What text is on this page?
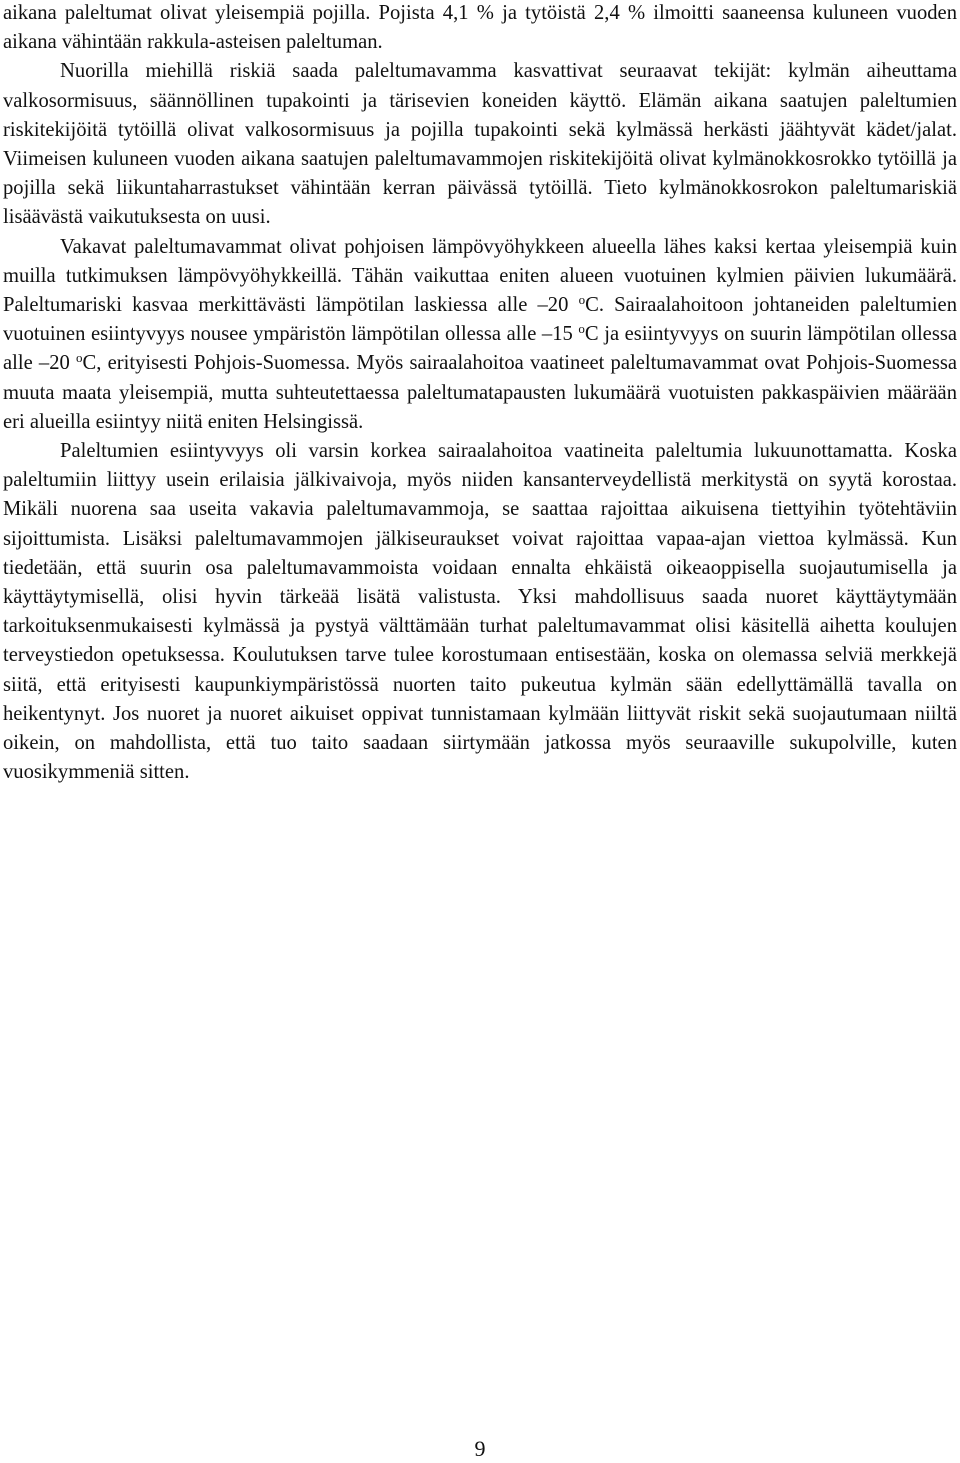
aikana paleltumat olivat yleisempiä pojilla. Pojista 4,1 % ja tytöistä 2,4 % ilmoitti saaneensa kuluneen vuoden aikana vähintään rakkula-asteisen paleltuman.

Nuorilla miehillä riskiä saada paleltumavamma kasvattivat seuraavat tekijät: kylmän aiheuttama valkosormisuus, säännöllinen tupakointi ja tärisevien koneiden käyttö. Elämän aikana saatujen paleltumien riskitekijöitä tytöillä olivat valkosormisuus ja pojilla tupakointi sekä kylmässä herkästi jäähtyvät kädet/jalat. Viimeisen kuluneen vuoden aikana saatujen paleltumavammojen riskitekijöitä olivat kylmänokkosrokko tytöillä ja pojilla sekä liikuntaharrastukset vähintään kerran päivässä tytöillä. Tieto kylmänokkosrokon paleltumariskiä lisäävästä vaikutuksesta on uusi.

Vakavat paleltumavammat olivat pohjoisen lämpövyöhykkeen alueella lähes kaksi kertaa yleisempiä kuin muilla tutkimuksen lämpövyöhykkeillä. Tähän vaikuttaa eniten alueen vuotuinen kylmien päivien lukumäärä. Paleltumariski kasvaa merkittävästi lämpötilan laskiessa alle –20 $^o$C. Sairaalahoitoon johtaneiden paleltumien vuotuinen esiintyvyys nousee ympäristön lämpötilan ollessa alle –15 $^o$C ja esiintyvyys on suurin lämpötilan ollessa alle –20 $^o$C, erityisesti Pohjois-Suomessa. Myös sairaalahoitoa vaatineet paleltumavammat ovat Pohjois-Suomessa muuta maata yleisempiä, mutta suhteutettaessa paleltumatapausten lukumäärä vuotuisten pakkaspäivien määrään eri alueilla esiintyy niitä eniten Helsingissä.

Paleltumien esiintyvyys oli varsin korkea sairaalahoitoa vaatineita paleltumia lukuunottamatta. Koska paleltumiin liittyy usein erilaisia jälkivaivoja, myös niiden kansanterveydellistä merkitystä on syytä korostaa. Mikäli nuorena saa useita vakavia paleltumavammoja, se saattaa rajoittaa aikuisena tiettyihin työtehtäviin sijoittumista. Lisäksi paleltumavammojen jälkiseuraukset voivat rajoittaa vapaa-ajan viettoa kylmässä. Kun tiedetään, että suurin osa paleltumavammoista voidaan ennalta ehkäistä oikeaoppisella suojautumisella ja käyttäytymisellä, olisi hyvin tärkeää lisätä valistusta. Yksi mahdollisuus saada nuoret käyttäytymään tarkoituksenmukaisesti kylmässä ja pystyä välttämään turhat paleltumavammat olisi käsitellä aihetta koulujen terveystiedon opetuksessa. Koulutuksen tarve tulee korostumaan entisestään, koska on olemassa selviä merkkejä siitä, että erityisesti kaupunkiympäristössä nuorten taito pukeutua kylmän sään edellyttämällä tavalla on heikentynyt. Jos nuoret ja nuoret aikuiset oppivat tunnistamaan kylmään liittyvät riskit sekä suojautumaan niiltä oikein, on mahdollista, että tuo taito saadaan siirtymään jatkossa myös seuraaville sukupolville, kuten vuosikymmeniä sitten.

9
